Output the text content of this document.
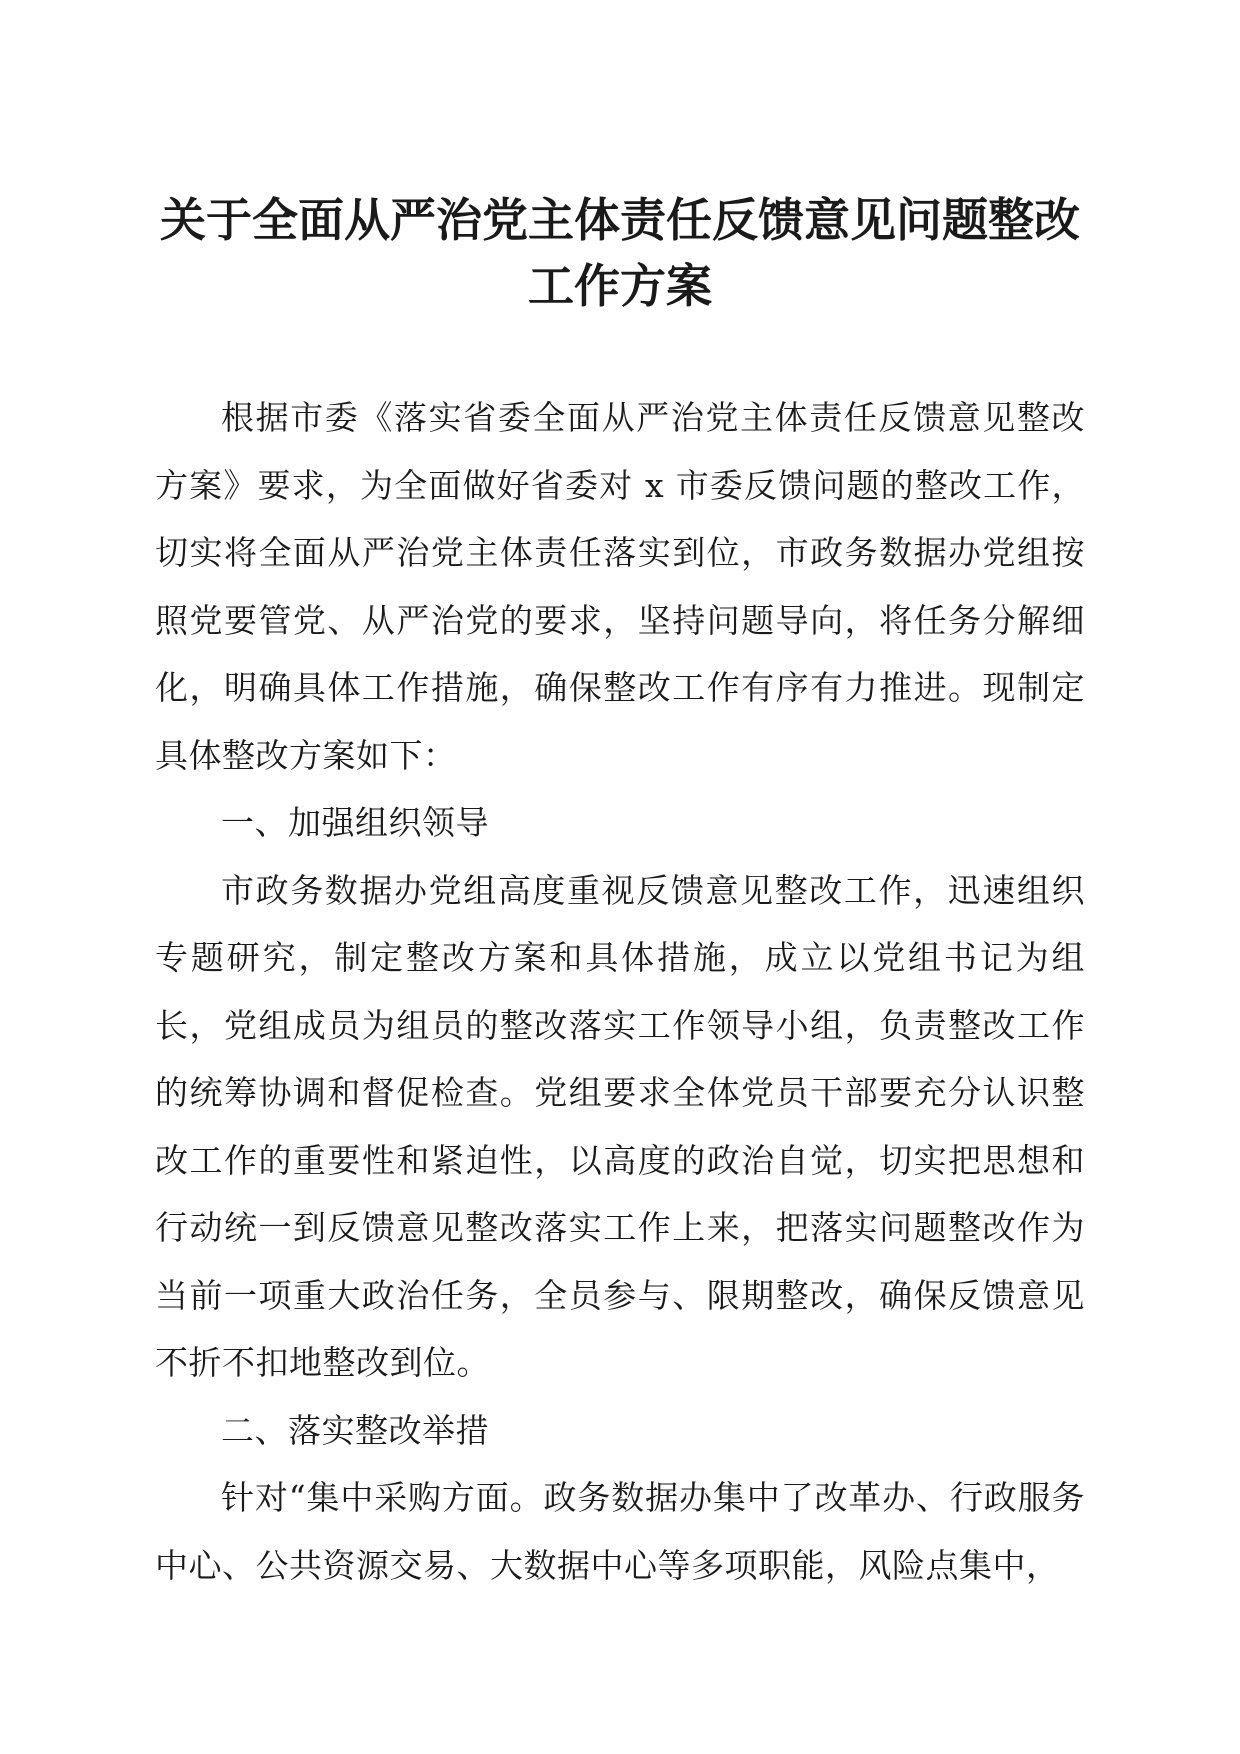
关于全面从严治党主体责任反馈意见问题整改
工作方案

根据市委《落实省委全面从严治党主体责任反馈意见整改方案》要求，为全面做好省委对 x 市委反馈问题的整改工作，切实将全面从严治党主体责任落实到位，市政务数据办党组按照党要管党、从严治党的要求，坚持问题导向，将任务分解细化，明确具体工作措施，确保整改工作有序有力推进。现制定具体整改方案如下：

一、加强组织领导

市政务数据办党组高度重视反馈意见整改工作，迅速组织专题研究，制定整改方案和具体措施，成立以党组书记为组长，党组成员为组员的整改落实工作领导小组，负责整改工作的统筹协调和督促检查。党组要求全体党员干部要充分认识整改工作的重要性和紧迫性，以高度的政治自觉，切实把思想和行动统一到反馈意见整改落实工作上来，把落实问题整改作为当前一项重大政治任务，全员参与、限期整改，确保反馈意见不折不扣地整改到位。

二、落实整改举措

针对“集中采购方面。政务数据办集中了改革办、行政服务中心、公共资源交易、大数据中心等多项职能，风险点集中，
